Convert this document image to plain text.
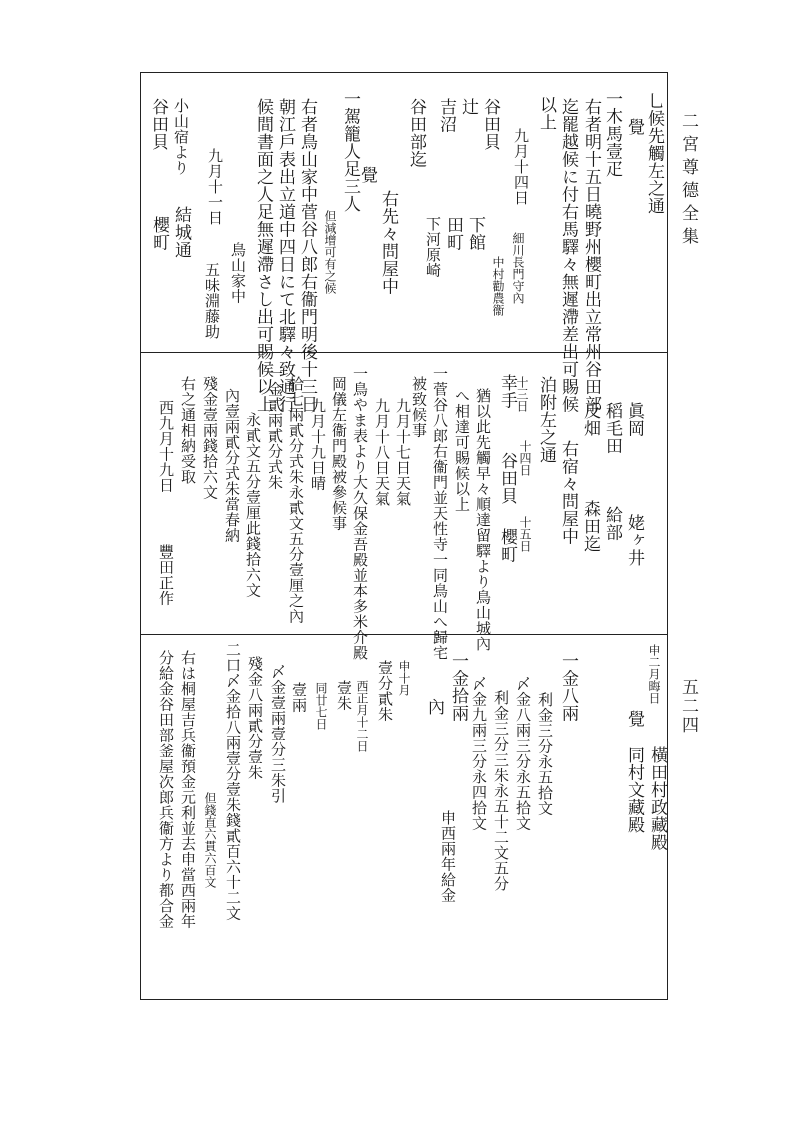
二宮尊德全集
五二四
乚候先觸左之通
覺
一木馬壹疋
右者明十五日曉野州櫻町出立常州谷田部
迄罷越候に付右馬驛々無遲滯差出可賜候
以上
九月十四日
細川長門守內
中村勸農衞
谷田貝
下館
辻
田町
吉沼
下河原崎
谷田部迄
右先々問屋中
覺
但減增可有之候
一駕籠人足三人
右者鳥山家中菅谷八郎右衞門明後十三日
朝江戶表出立道中四日にて北驛々致通行
候間書面之人足無遲滯さし出可賜候以上
鳥山家中
九月十一日
五味淵藤助
小山宿より
結城通
谷田貝
櫻町
眞岡
姥ヶ井
稻毛田
給部
反畑
森田迄
右宿々問屋中
泊附左之通
十三日
幸手
十四日
谷田貝
十五日
櫻町
猶以此先觸早々順達留驛より鳥山城內
へ相達可賜候以上
一菅谷八郎右衞門並天性寺一同鳥山へ歸宅
被致候事
九月十七日天氣
九月十八日天氣
一鳥やま表より大久保金吾殿並本多米介殿
岡儀左衞門殿被參候事
九月十九日晴
一金貳兩貳分式朱 拾七兩貳分式朱永貳文五分壹厘之內
內壹兩貳分式朱當春納 永貳文五分壹厘此錢拾六文
殘金壹兩錢拾六文
右之通相納受取
西九月十九日
豐田正作
申二月晦日
覺
橫田村政藏殿
同村文藏殿
一金八兩
利金三分永五拾文
〆金八兩三分永五拾文
利金三分三朱永五十二文五分
〆金九兩三分永四拾文
一金拾兩
內
申西兩年給金
申十月
壹分貳朱
西正月十二日
壹朱
同廿七日
壹兩
〆金壹兩壹分三朱引
殘金八兩貳分壹朱
二口〆金拾八兩壹分壹朱錢貳百六十二文
但錢直六貫六百文
右は桐屋吉兵衞預金元利並去申當西兩年
分給金谷田部釜屋次郎兵衞方より都合金
